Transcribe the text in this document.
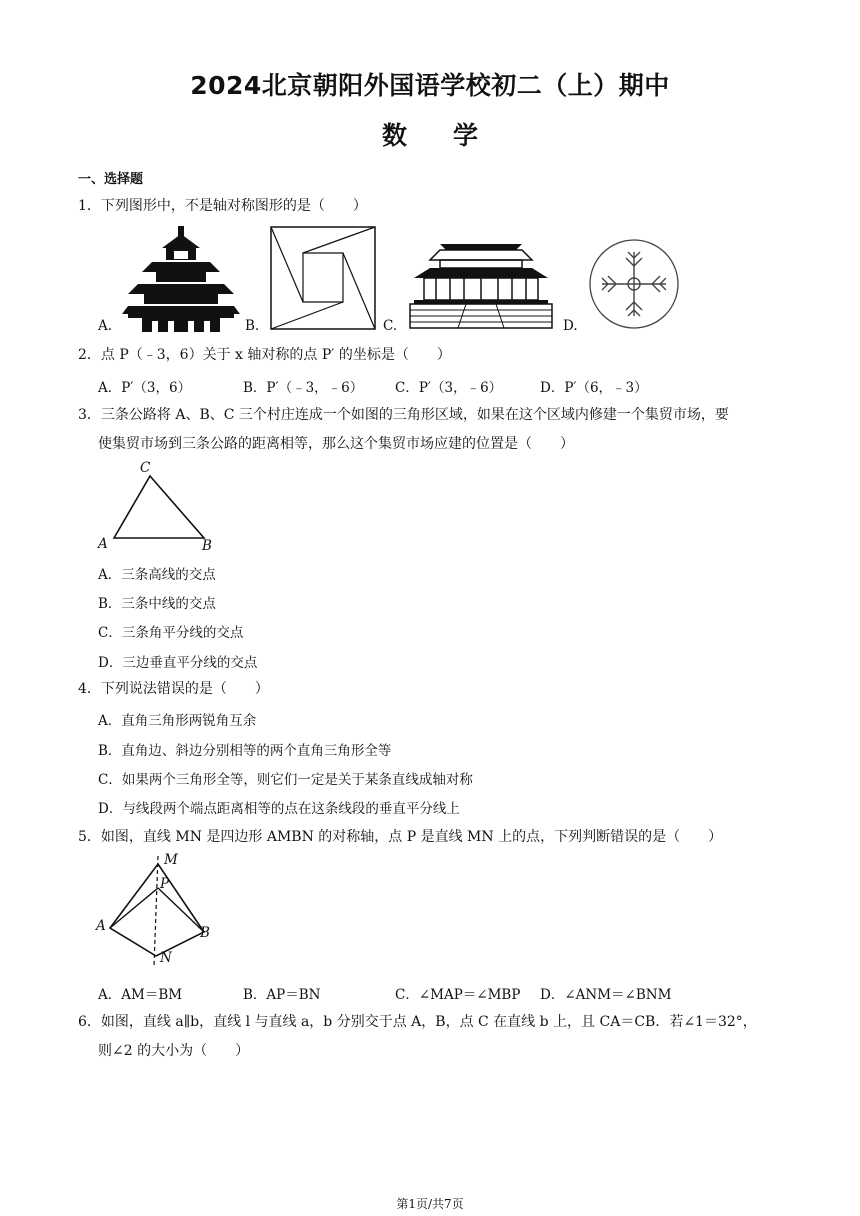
2024北京朝阳外国语学校初二（上）期中
数学
一、选择题
1．下列图形中，不是轴对称图形的是（　　）
A.	B.	C.	D.
2．点 P（﹣3，6）关于 x 轴对称的点 P′ 的坐标是（　　）
A．P′（3，6）	B．P′（﹣3，﹣6） C．P′（3，﹣6）	D．P′（6，﹣3）
3．三条公路将 A、B、C 三个村庄连成一个如图的三角形区域，如果在这个区域内修建一个集贸市场，要
使集贸市场到三条公路的距离相等，那么这个集贸市场应建的位置是（　　）
C
A	B
A．三条高线的交点
B．三条中线的交点
C．三条角平分线的交点
D．三边垂直平分线的交点
4．下列说法错误的是（　　）
A．直角三角形两锐角互余
B．直角边、斜边分别相等的两个直角三角形全等
C．如果两个三角形全等，则它们一定是关于某条直线成轴对称
D．与线段两个端点距离相等的点在这条线段的垂直平分线上
5．如图，直线 MN 是四边形 AMBN 的对称轴，点 P 是直线 MN 上的点，下列判断错误的是（　　）
M
P
A	B
N
A．AM＝BM	B．AP＝BN	C．∠MAP＝∠MBP D．∠ANM＝∠BNM
6．如图，直线 a∥b，直线 l 与直线 a，b 分别交于点 A，B，点 C 在直线 b 上，且 CA＝CB．若∠1＝32°，
则∠2 的大小为（　　）
第1页/共7页
